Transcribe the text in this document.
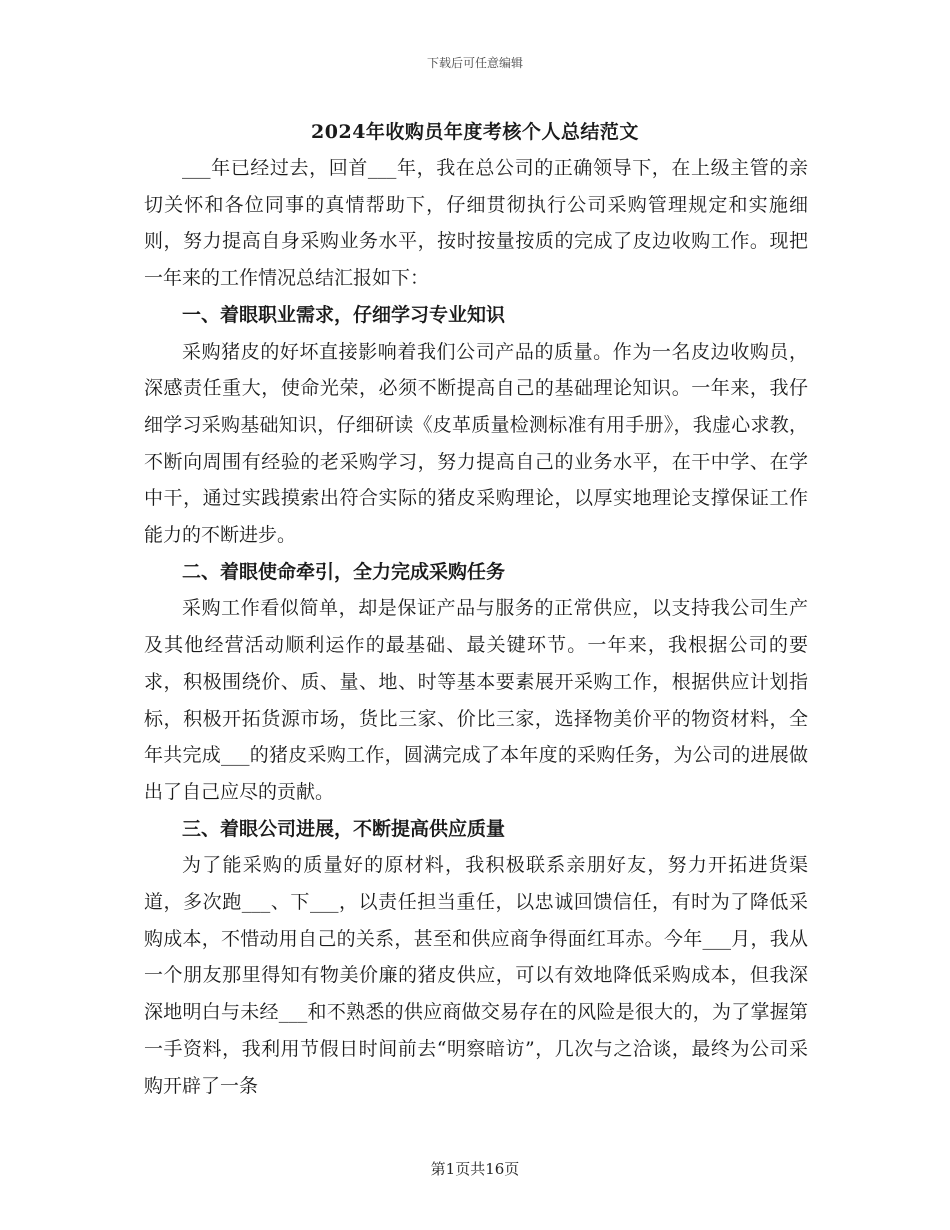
下载后可任意编辑
2024年收购员年度考核个人总结范文

___年已经过去，回首___年，我在总公司的正确领导下，在上级主管的亲切关怀和各位同事的真情帮助下，仔细贯彻执行公司采购管理规定和实施细则，努力提高自身采购业务水平，按时按量按质的完成了皮边收购工作。现把一年来的工作情况总结汇报如下：

一、着眼职业需求，仔细学习专业知识

采购猪皮的好坏直接影响着我们公司产品的质量。作为一名皮边收购员，深感责任重大，使命光荣，必须不断提高自己的基础理论知识。一年来，我仔细学习采购基础知识，仔细研读《皮革质量检测标准有用手册》，我虚心求教，不断向周围有经验的老采购学习，努力提高自己的业务水平，在干中学、在学中干，通过实践摸索出符合实际的猪皮采购理论，以厚实地理论支撑保证工作能力的不断进步。

二、着眼使命牵引，全力完成采购任务

采购工作看似简单，却是保证产品与服务的正常供应，以支持我公司生产及其他经营活动顺利运作的最基础、最关键环节。一年来，我根据公司的要求，积极围绕价、质、量、地、时等基本要素展开采购工作，根据供应计划指标，积极开拓货源市场，货比三家、价比三家，选择物美价平的物资材料，全年共完成___的猪皮采购工作，圆满完成了本年度的采购任务，为公司的进展做出了自己应尽的贡献。

三、着眼公司进展，不断提高供应质量

为了能采购的质量好的原材料，我积极联系亲朋好友，努力开拓进货渠道，多次跑___、下___，以责任担当重任，以忠诚回馈信任，有时为了降低采购成本，不惜动用自己的关系，甚至和供应商争得面红耳赤。今年___月，我从一个朋友那里得知有物美价廉的猪皮供应，可以有效地降低采购成本，但我深深地明白与未经___和不熟悉的供应商做交易存在的风险是很大的，为了掌握第一手资料，我利用节假日时间前去“明察暗访”，几次与之洽谈，最终为公司采购开辟了一条

第1页共16页
